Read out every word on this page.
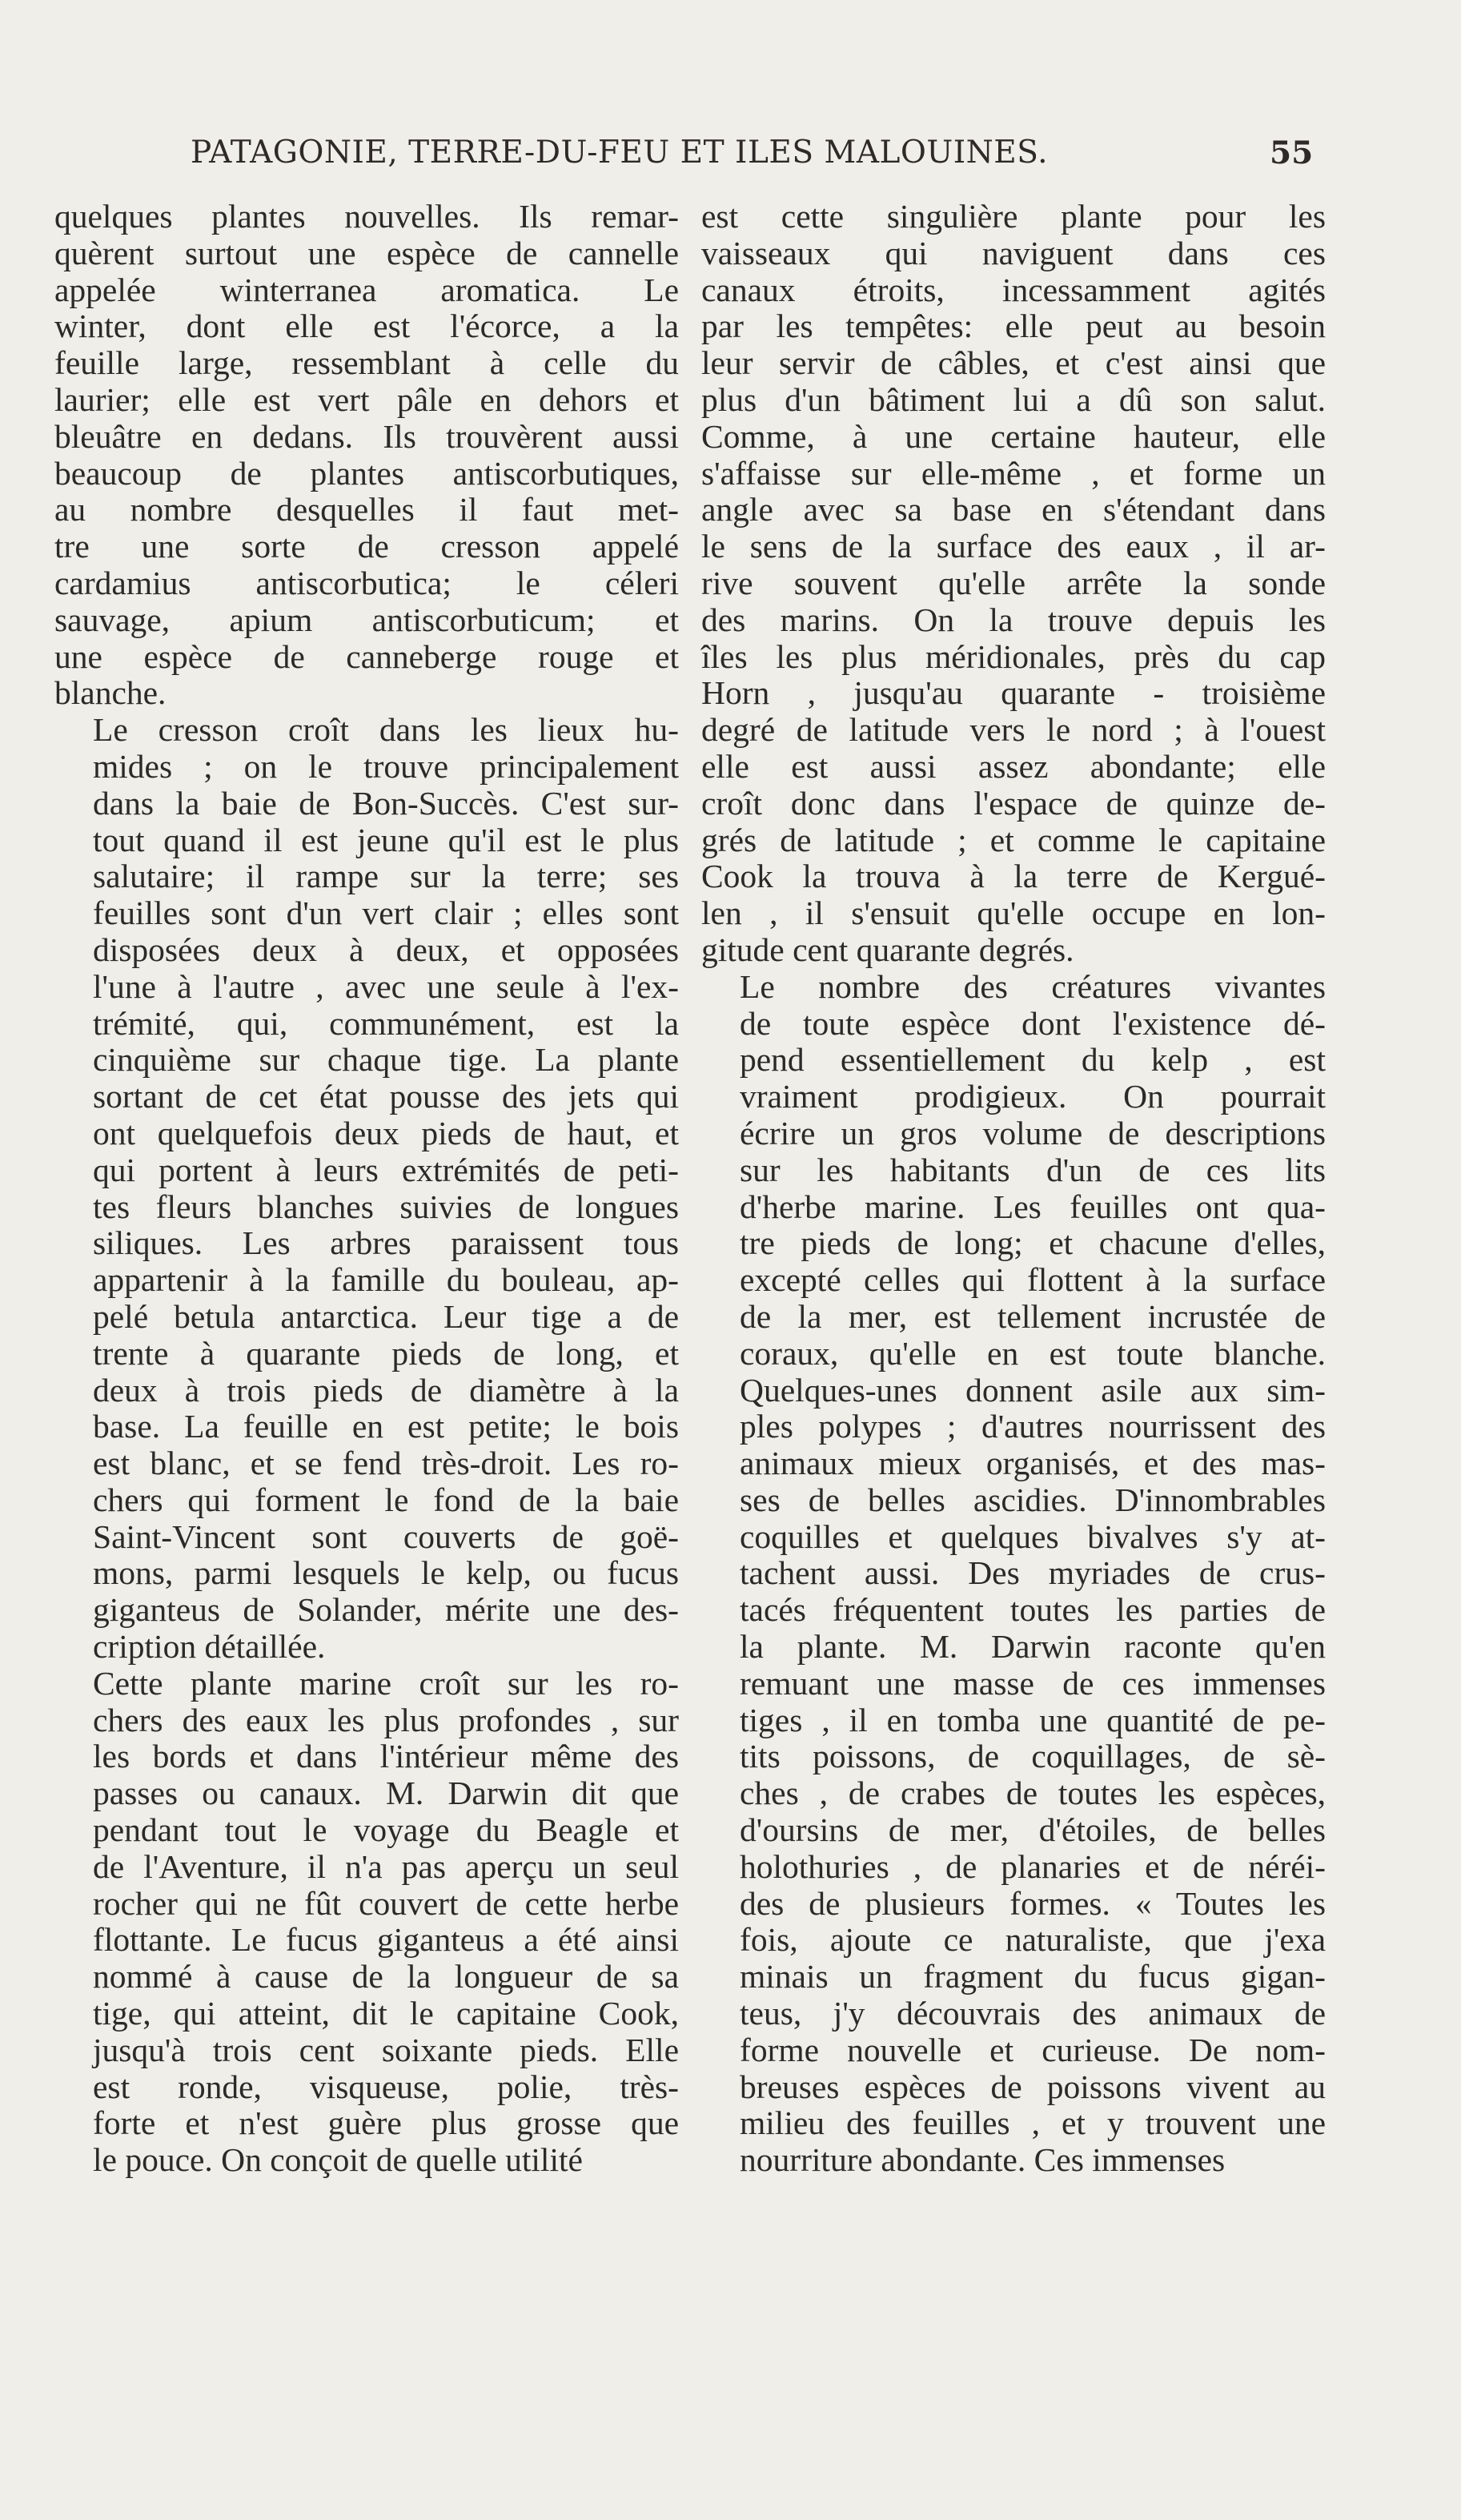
PATAGONIE, TERRE-DU-FEU ET ILES MALOUINES.	55
quelques plantes nouvelles. Ils remar-
quèrent surtout une espèce de cannelle
appelée winterranea aromatica. Le
winter, dont elle est l'écorce, a la
feuille large, ressemblant à celle du
laurier; elle est vert pâle en dehors et
bleuâtre en dedans. Ils trouvèrent aussi
beaucoup de plantes antiscorbutiques,
au nombre desquelles il faut met-
tre une sorte de cresson appelé
cardamius antiscorbutica; le céleri
sauvage, apium antiscorbuticum; et
une espèce de canneberge rouge et
blanche.
Le cresson croît dans les lieux hu-
mides ; on le trouve principalement
dans la baie de Bon-Succès. C'est sur-
tout quand il est jeune qu'il est le plus
salutaire; il rampe sur la terre; ses
feuilles sont d'un vert clair ; elles sont
disposées deux à deux, et opposées
l'une à l'autre , avec une seule à l'ex-
trémité, qui, communément, est la
cinquième sur chaque tige. La plante
sortant de cet état pousse des jets qui
ont quelquefois deux pieds de haut, et
qui portent à leurs extrémités de peti-
tes fleurs blanches suivies de longues
siliques. Les arbres paraissent tous
appartenir à la famille du bouleau, ap-
pelé betula antarctica. Leur tige a de
trente à quarante pieds de long, et
deux à trois pieds de diamètre à la
base. La feuille en est petite; le bois
est blanc, et se fend très-droit. Les ro-
chers qui forment le fond de la baie
Saint-Vincent sont couverts de goë-
mons, parmi lesquels le kelp, ou fucus
giganteus de Solander, mérite une des-
cription détaillée.
Cette plante marine croît sur les ro-
chers des eaux les plus profondes , sur
les bords et dans l'intérieur même des
passes ou canaux. M. Darwin dit que
pendant tout le voyage du Beagle et
de l'Aventure, il n'a pas aperçu un seul
rocher qui ne fût couvert de cette herbe
flottante. Le fucus giganteus a été ainsi
nommé à cause de la longueur de sa
tige, qui atteint, dit le capitaine Cook,
jusqu'à trois cent soixante pieds. Elle
est ronde, visqueuse, polie, très-
forte et n'est guère plus grosse que
le pouce. On conçoit de quelle utilité
est cette singulière plante pour les
vaisseaux qui naviguent dans ces
canaux étroits, incessamment agités
par les tempêtes: elle peut au besoin
leur servir de câbles, et c'est ainsi que
plus d'un bâtiment lui a dû son salut.
Comme, à une certaine hauteur, elle
s'affaisse sur elle-même , et forme un
angle avec sa base en s'étendant dans
le sens de la surface des eaux , il ar-
rive souvent qu'elle arrête la sonde
des marins. On la trouve depuis les
îles les plus méridionales, près du cap
Horn , jusqu'au quarante - troisième
degré de latitude vers le nord ; à l'ouest
elle est aussi assez abondante; elle
croît donc dans l'espace de quinze de-
grés de latitude ; et comme le capitaine
Cook la trouva à la terre de Kergué-
len , il s'ensuit qu'elle occupe en lon-
gitude cent quarante degrés.
Le nombre des créatures vivantes
de toute espèce dont l'existence dé-
pend essentiellement du kelp , est
vraiment prodigieux. On pourrait
écrire un gros volume de descriptions
sur les habitants d'un de ces lits
d'herbe marine. Les feuilles ont qua-
tre pieds de long; et chacune d'elles,
excepté celles qui flottent à la surface
de la mer, est tellement incrustée de
coraux, qu'elle en est toute blanche.
Quelques-unes donnent asile aux sim-
ples polypes ; d'autres nourrissent des
animaux mieux organisés, et des mas-
ses de belles ascidies. D'innombrables
coquilles et quelques bivalves s'y at-
tachent aussi. Des myriades de crus-
tacés fréquentent toutes les parties de
la plante. M. Darwin raconte qu'en
remuant une masse de ces immenses
tiges , il en tomba une quantité de pe-
tits poissons, de coquillages, de sè-
ches , de crabes de toutes les espèces,
d'oursins de mer, d'étoiles, de belles
holothuries , de planaries et de néréi-
des de plusieurs formes. « Toutes les
fois, ajoute ce naturaliste, que j'exa
minais un fragment du fucus gigan-
teus, j'y découvrais des animaux de
forme nouvelle et curieuse. De nom-
breuses espèces de poissons vivent au
milieu des feuilles , et y trouvent une
nourriture abondante. Ces immenses
